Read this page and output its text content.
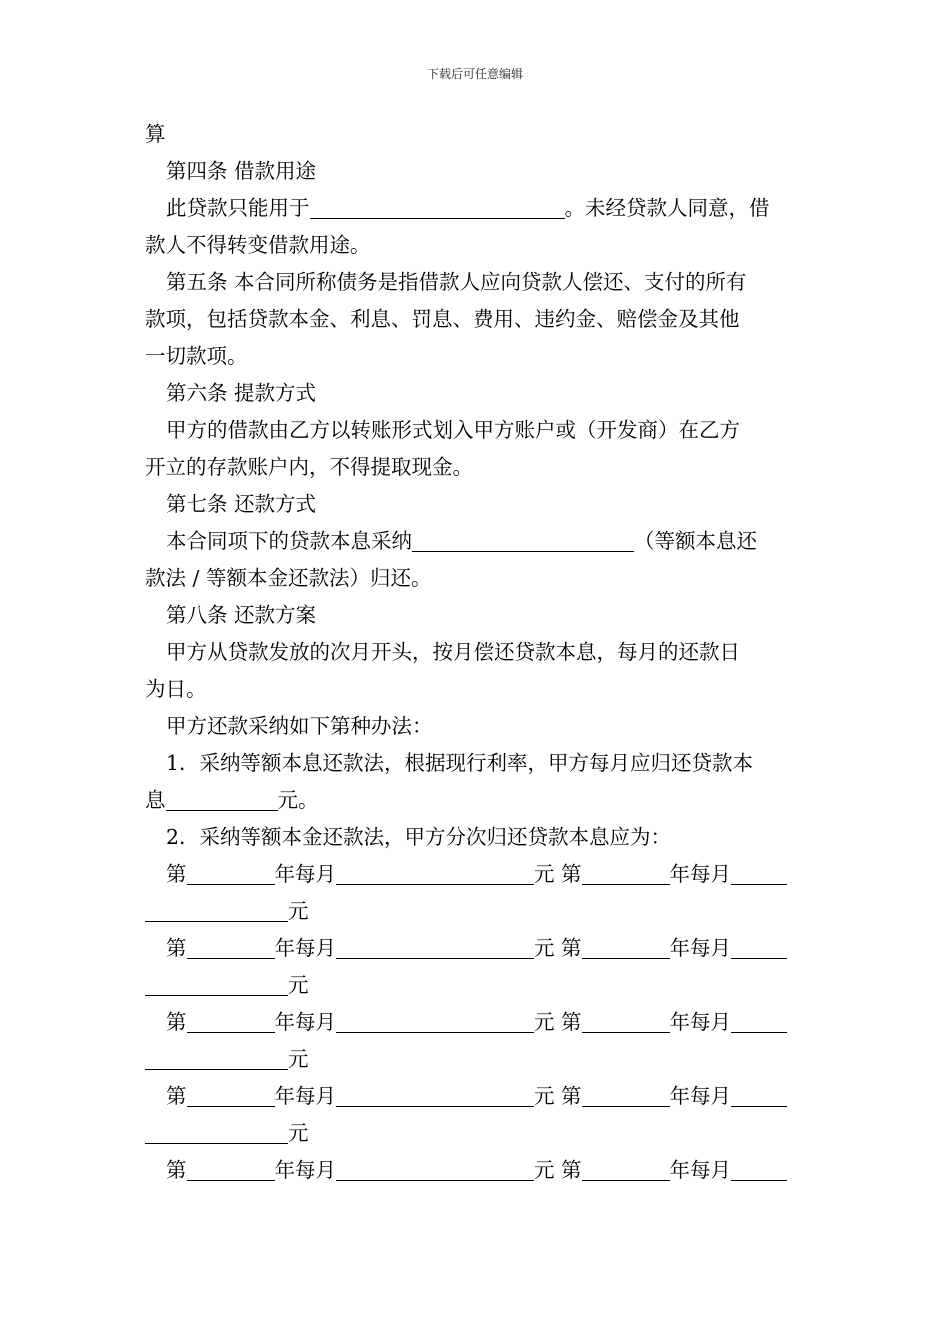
下载后可任意编辑
算
第四条 借款用途
此贷款只能用于	。未经贷款人同意，借
款人不得转变借款用途。
第五条 本合同所称债务是指借款人应向贷款人偿还、支付的所有
款项，包括贷款本金、利息、罚息、费用、违约金、赔偿金及其他
一切款项。
第六条 提款方式
甲方的借款由乙方以转账形式划入甲方账户或（开发商）在乙方
开立的存款账户内，不得提取现金。
第七条 还款方式
本合同项下的贷款本息采纳	（等额本息还
款法 / 等额本金还款法）归还。
第八条 还款方案
甲方从贷款发放的次月开头，按月偿还贷款本息，每月的还款日
为日。
甲方还款采纳如下第种办法：
1．采纳等额本息还款法，根据现行利率，甲方每月应归还贷款本
息	元。
2．采纳等额本金还款法，甲方分次归还贷款本息应为：
第	年每月	元 第	年每月
元
第	年每月	元 第	年每月
元
第	年每月	元 第	年每月
元
第	年每月	元 第	年每月
元
第	年每月	元 第	年每月
